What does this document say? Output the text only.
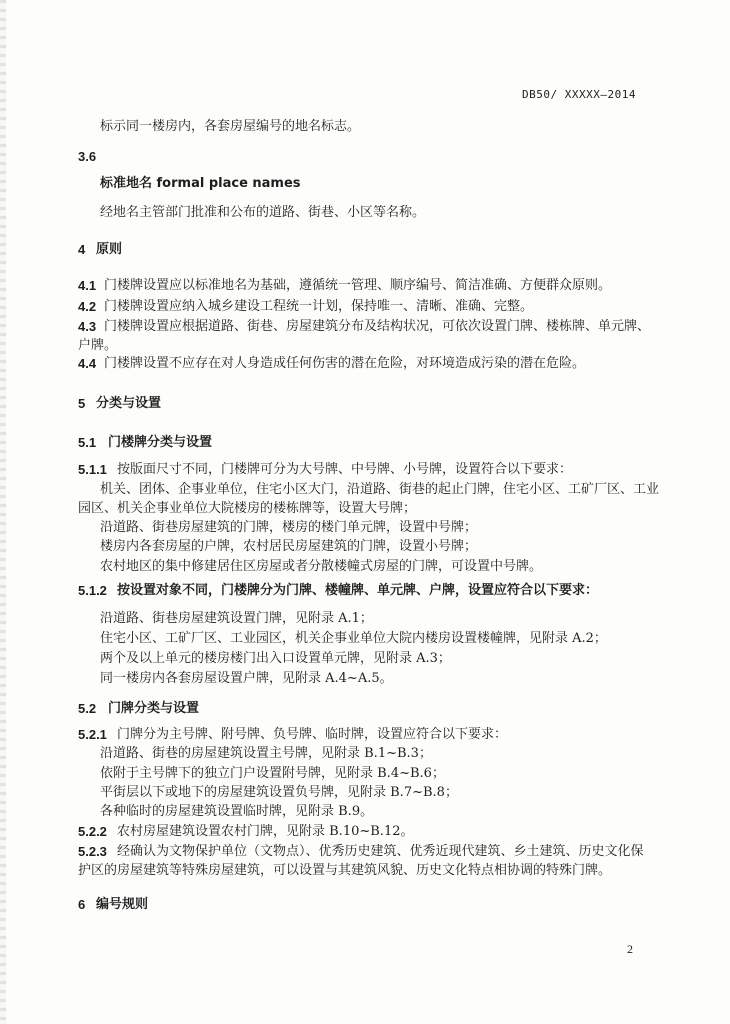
DB50/ XXXXX—2014
标示同一楼房内，各套房屋编号的地名标志。
3.6
标准地名 formal place names
经地名主管部门批准和公布的道路、街巷、小区等名称。
4 原则
4.1 门楼牌设置应以标准地名为基础，遵循统一管理、顺序编号、简洁准确、方便群众原则。
4.2 门楼牌设置应纳入城乡建设工程统一计划，保持唯一、清晰、准确、完整。
4.3 门楼牌设置应根据道路、街巷、房屋建筑分布及结构状况，可依次设置门牌、楼栋牌、单元牌、
户牌。
4.4 门楼牌设置不应存在对人身造成任何伤害的潜在危险，对环境造成污染的潜在危险。
5 分类与设置
5.1 门楼牌分类与设置
5.1.1 按版面尺寸不同，门楼牌可分为大号牌、中号牌、小号牌，设置符合以下要求：
机关、团体、企事业单位，住宅小区大门，沿道路、街巷的起止门牌，住宅小区、工矿厂区、工业
园区、机关企事业单位大院楼房的楼栋牌等，设置大号牌；
沿道路、街巷房屋建筑的门牌，楼房的楼门单元牌，设置中号牌；
楼房内各套房屋的户牌，农村居民房屋建筑的门牌，设置小号牌；
农村地区的集中修建居住区房屋或者分散楼幢式房屋的门牌，可设置中号牌。
5.1.2 按设置对象不同，门楼牌分为门牌、楼幢牌、单元牌、户牌，设置应符合以下要求：
沿道路、街巷房屋建筑设置门牌，见附录 A.1；
住宅小区、工矿厂区、工业园区，机关企事业单位大院内楼房设置楼幢牌，见附录 A.2；
两个及以上单元的楼房楼门出入口设置单元牌，见附录 A.3；
同一楼房内各套房屋设置户牌，见附录 A.4~A.5。
5.2 门牌分类与设置
5.2.1 门牌分为主号牌、附号牌、负号牌、临时牌，设置应符合以下要求：
沿道路、街巷的房屋建筑设置主号牌，见附录 B.1~B.3；
依附于主号牌下的独立门户设置附号牌，见附录 B.4~B.6；
平街层以下或地下的房屋建筑设置负号牌，见附录 B.7~B.8；
各种临时的房屋建筑设置临时牌，见附录 B.9。
5.2.2 农村房屋建筑设置农村门牌，见附录 B.10~B.12。
5.2.3 经确认为文物保护单位（文物点）、优秀历史建筑、优秀近现代建筑、乡土建筑、历史文化保
护区的房屋建筑等特殊房屋建筑，可以设置与其建筑风貌、历史文化特点相协调的特殊门牌。
6 编号规则
2
